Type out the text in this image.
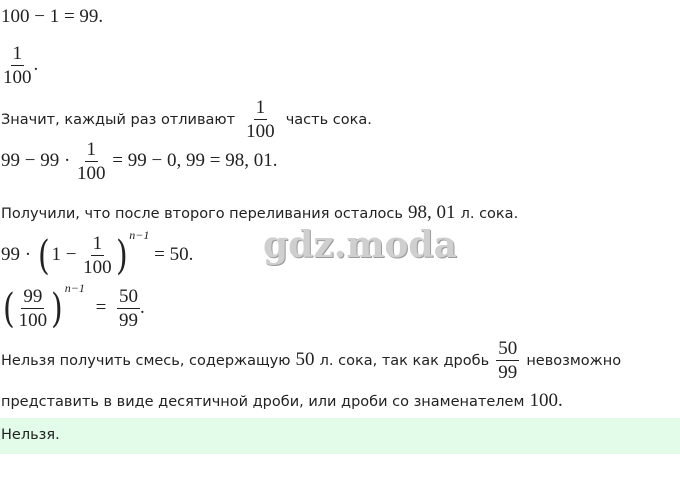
100 − 1 = 99.
$\frac{1}{100}$ .
Значит, каждый раз отливают $\frac{1}{100}$ часть сока.
$99 - 99 \cdot \frac{1}{100} = 99 - 0$, 99 = 98, 01.
Получили, что после второго переливания осталось 98, 01 л. сока.
gdz.moda
99 · ( $1 - \frac{1}{100}$ ) $^{n-1}$ = 50.
( $\frac{99}{100}$ ) $^{n-1} = \frac{50}{99}$ .
Нельзя получить смесь, содержащую 50 л. сока, так как дробь $\frac{50}{99}$ невозможно
представить в виде десятичной дроби, или дроби со знаменателем 100.
Нельзя.
